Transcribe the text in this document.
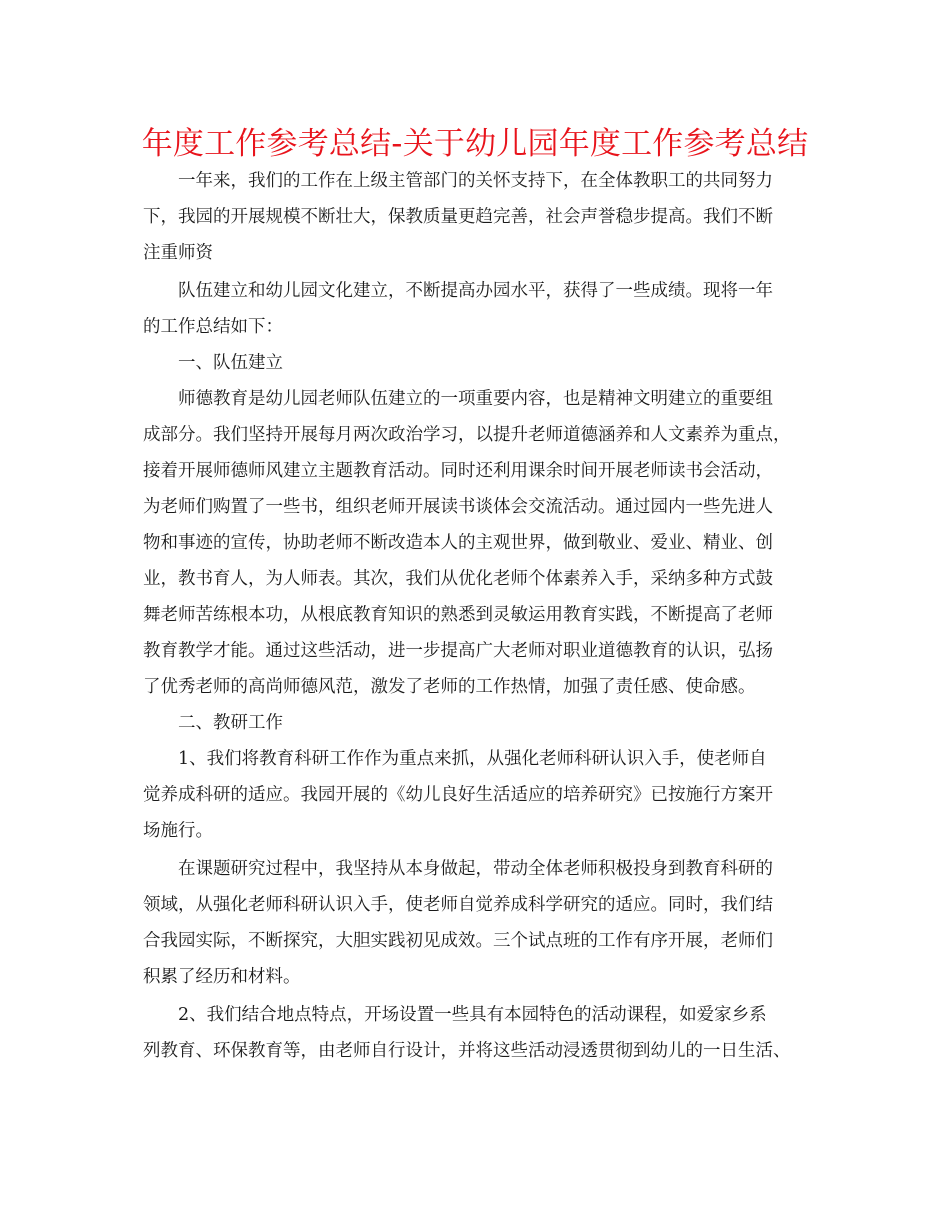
年度工作参考总结-关于幼儿园年度工作参考总结
一年来，我们的工作在上级主管部门的关怀支持下，在全体教职工的共同努力
下，我园的开展规模不断壮大，保教质量更趋完善，社会声誉稳步提高。我们不断
注重师资
队伍建立和幼儿园文化建立，不断提高办园水平，获得了一些成绩。现将一年
的工作总结如下：
一、队伍建立
师德教育是幼儿园老师队伍建立的一项重要内容，也是精神文明建立的重要组
成部分。我们坚持开展每月两次政治学习，以提升老师道德涵养和人文素养为重点，
接着开展师德师风建立主题教育活动。同时还利用课余时间开展老师读书会活动，
为老师们购置了一些书，组织老师开展读书谈体会交流活动。通过园内一些先进人
物和事迹的宣传，协助老师不断改造本人的主观世界，做到敬业、爱业、精业、创
业，教书育人，为人师表。其次，我们从优化老师个体素养入手，采纳多种方式鼓
舞老师苦练根本功，从根底教育知识的熟悉到灵敏运用教育实践，不断提高了老师
教育教学才能。通过这些活动，进一步提高广大老师对职业道德教育的认识，弘扬
了优秀老师的高尚师德风范，激发了老师的工作热情，加强了责任感、使命感。
二、教研工作
1、我们将教育科研工作作为重点来抓，从强化老师科研认识入手，使老师自
觉养成科研的适应。我园开展的《幼儿良好生活适应的培养研究》已按施行方案开
场施行。
在课题研究过程中，我坚持从本身做起，带动全体老师积极投身到教育科研的
领域，从强化老师科研认识入手，使老师自觉养成科学研究的适应。同时，我们结
合我园实际，不断探究，大胆实践初见成效。三个试点班的工作有序开展，老师们
积累了经历和材料。
2、我们结合地点特点，开场设置一些具有本园特色的活动课程，如爱家乡系
列教育、环保教育等，由老师自行设计，并将这些活动浸透贯彻到幼儿的一日生活、
